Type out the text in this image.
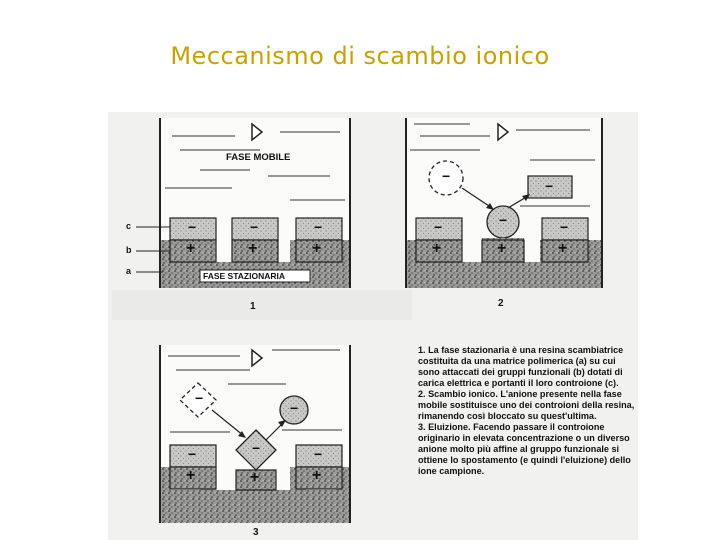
Meccanismo di scambio ionico
FASE MOBILE
FASE STAZIONARIA
c
b
a
−	−	−
+	+	+
−
−
−
−	−
+	+	+
−
−
−
−	−
+	+	+
1	2
3

1. La fase stazionaria è una resina scambiatrice costituita da una matrice polimerica (a) su cui sono attaccati dei gruppi funzionali (b) dotati di carica elettrica e portanti il loro controione (c).

2. Scambio ionico. L'anione presente nella fase mobile sostituisce uno dei controioni della resina, rimanendo così bloccato su quest'ultima.

3. Eluizione. Facendo passare il controione originario in elevata concentrazione o un diverso anione molto più affine al gruppo funzionale si ottiene lo spostamento (e quindi l'eluizione) dello ione campione.
